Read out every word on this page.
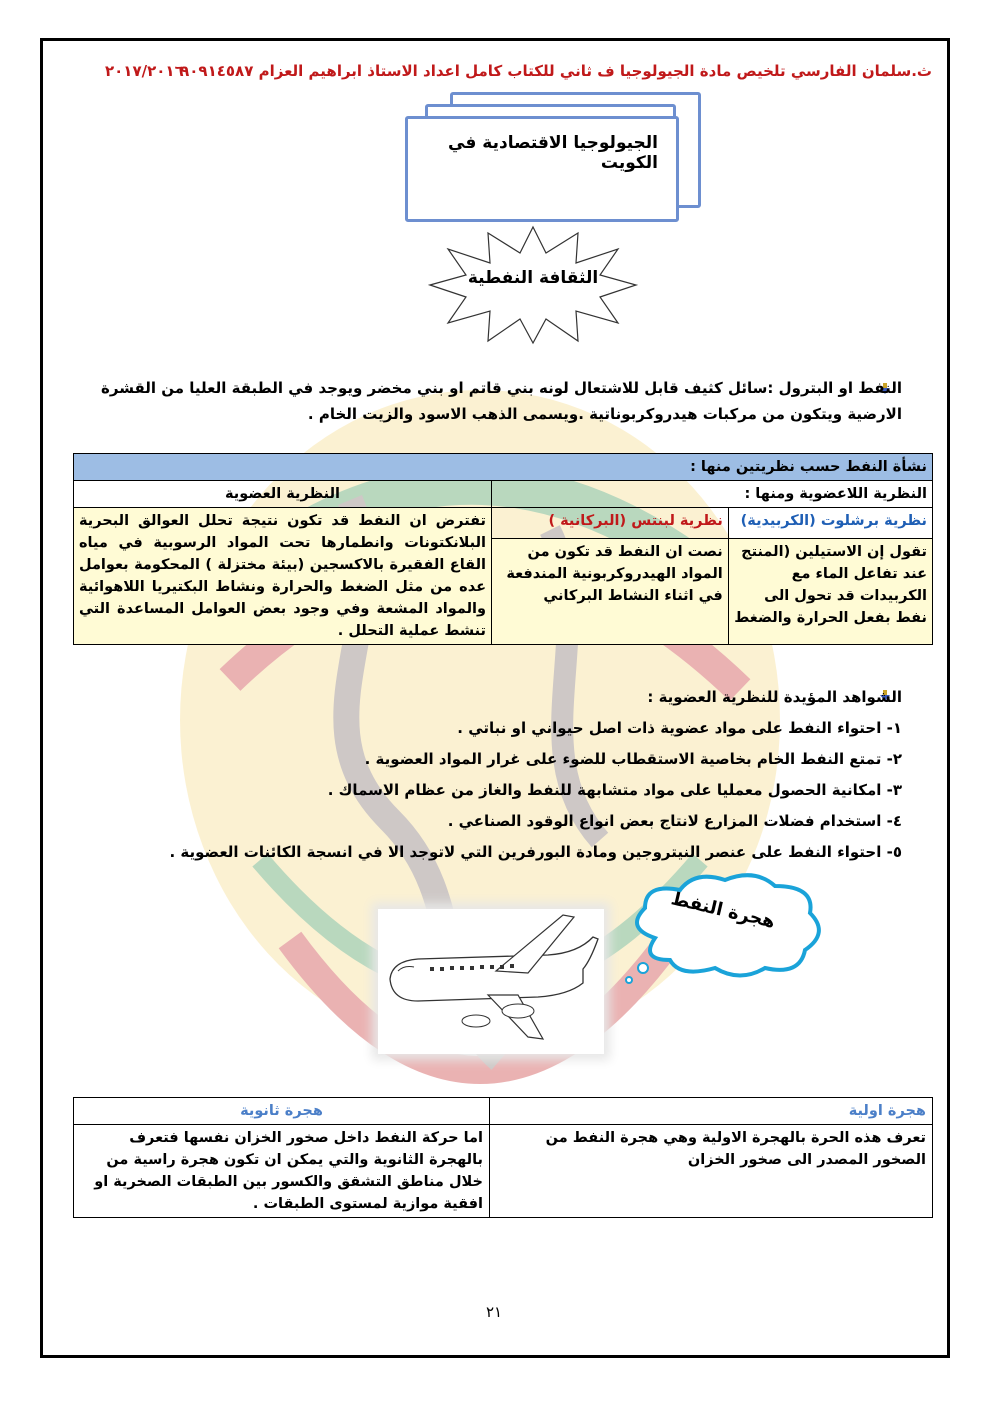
ث.سلمان الفارسي تلخيص مادة الجيولوجيا ف ثاني للكتاب كامل اعداد الاستاذ ابراهيم العزام ٩٠٩١٤٥٨٧
٢٠١٧/٢٠١٦
الجيولوجيا الاقتصادية في الكويت
الثقافة النفطية
النفط او البترول :سائل كثيف قابل للاشتعال لونه بني قاتم او بني مخضر ويوجد في الطبقة العليا من القشرة الارضية ويتكون من مركبات هيدروكربوناتية .ويسمى الذهب الاسود والزيت الخام .
نشأة النفط حسب نظريتين منها :		
النظرية اللاعضوية ومنها :		النظرية العضوية
نظرية برشلوت (الكربيدية)	نظرية لبنتس (البركانية )	تفترض ان النفط قد تكون نتيجة تحلل العوالق البحرية البلانكتونات وانطمارها تحت المواد الرسوبية في مياه القاع الفقيرة بالاكسجين (بيئة مختزلة ) المحكومة بعوامل عده من مثل الضغط والحرارة ونشاط البكتيريا اللاهوائية والمواد المشعة وفي وجود بعض العوامل المساعدة التي تنشط عملية التحلل .
تقول إن الاستيلين (المنتج عند تفاعل الماء مع الكربيدات قد تحول الى نفط بفعل الحرارة والضغط	نصت ان النفط قد تكون من المواد الهيدروكربونية المندفعة في اثناء النشاط البركاني	
الشواهد المؤيدة للنظرية العضوية :
١- احتواء النفط على مواد عضوية ذات اصل حيواني او نباتي .
٢- تمتع النفط الخام بخاصية الاستقطاب للضوء على غرار المواد العضوية .
٣- امكانية الحصول معمليا على مواد متشابهة للنفط والغاز من عظام الاسماك .
٤- استخدام فضلات المزارع لانتاج بعض انواع الوقود الصناعي .
٥- احتواء النفط على عنصر النيتروجين ومادة البورفرين التي لاتوجد الا في انسجة الكائنات العضوية .
هجرة النفط
هجرة اولية	هجرة ثانوية
تعرف هذه الحرة بالهجرة الاولية وهي هجرة النفط من الصخور المصدر الى صخور الخزان	اما حركة النفط داخل صخور الخزان نفسها فتعرف بالهجرة الثانوية والتي يمكن ان تكون هجرة راسية من خلال مناطق التشقق والكسور بين الطبقات الصخرية او افقية موازية لمستوى الطبقات .
٢١
